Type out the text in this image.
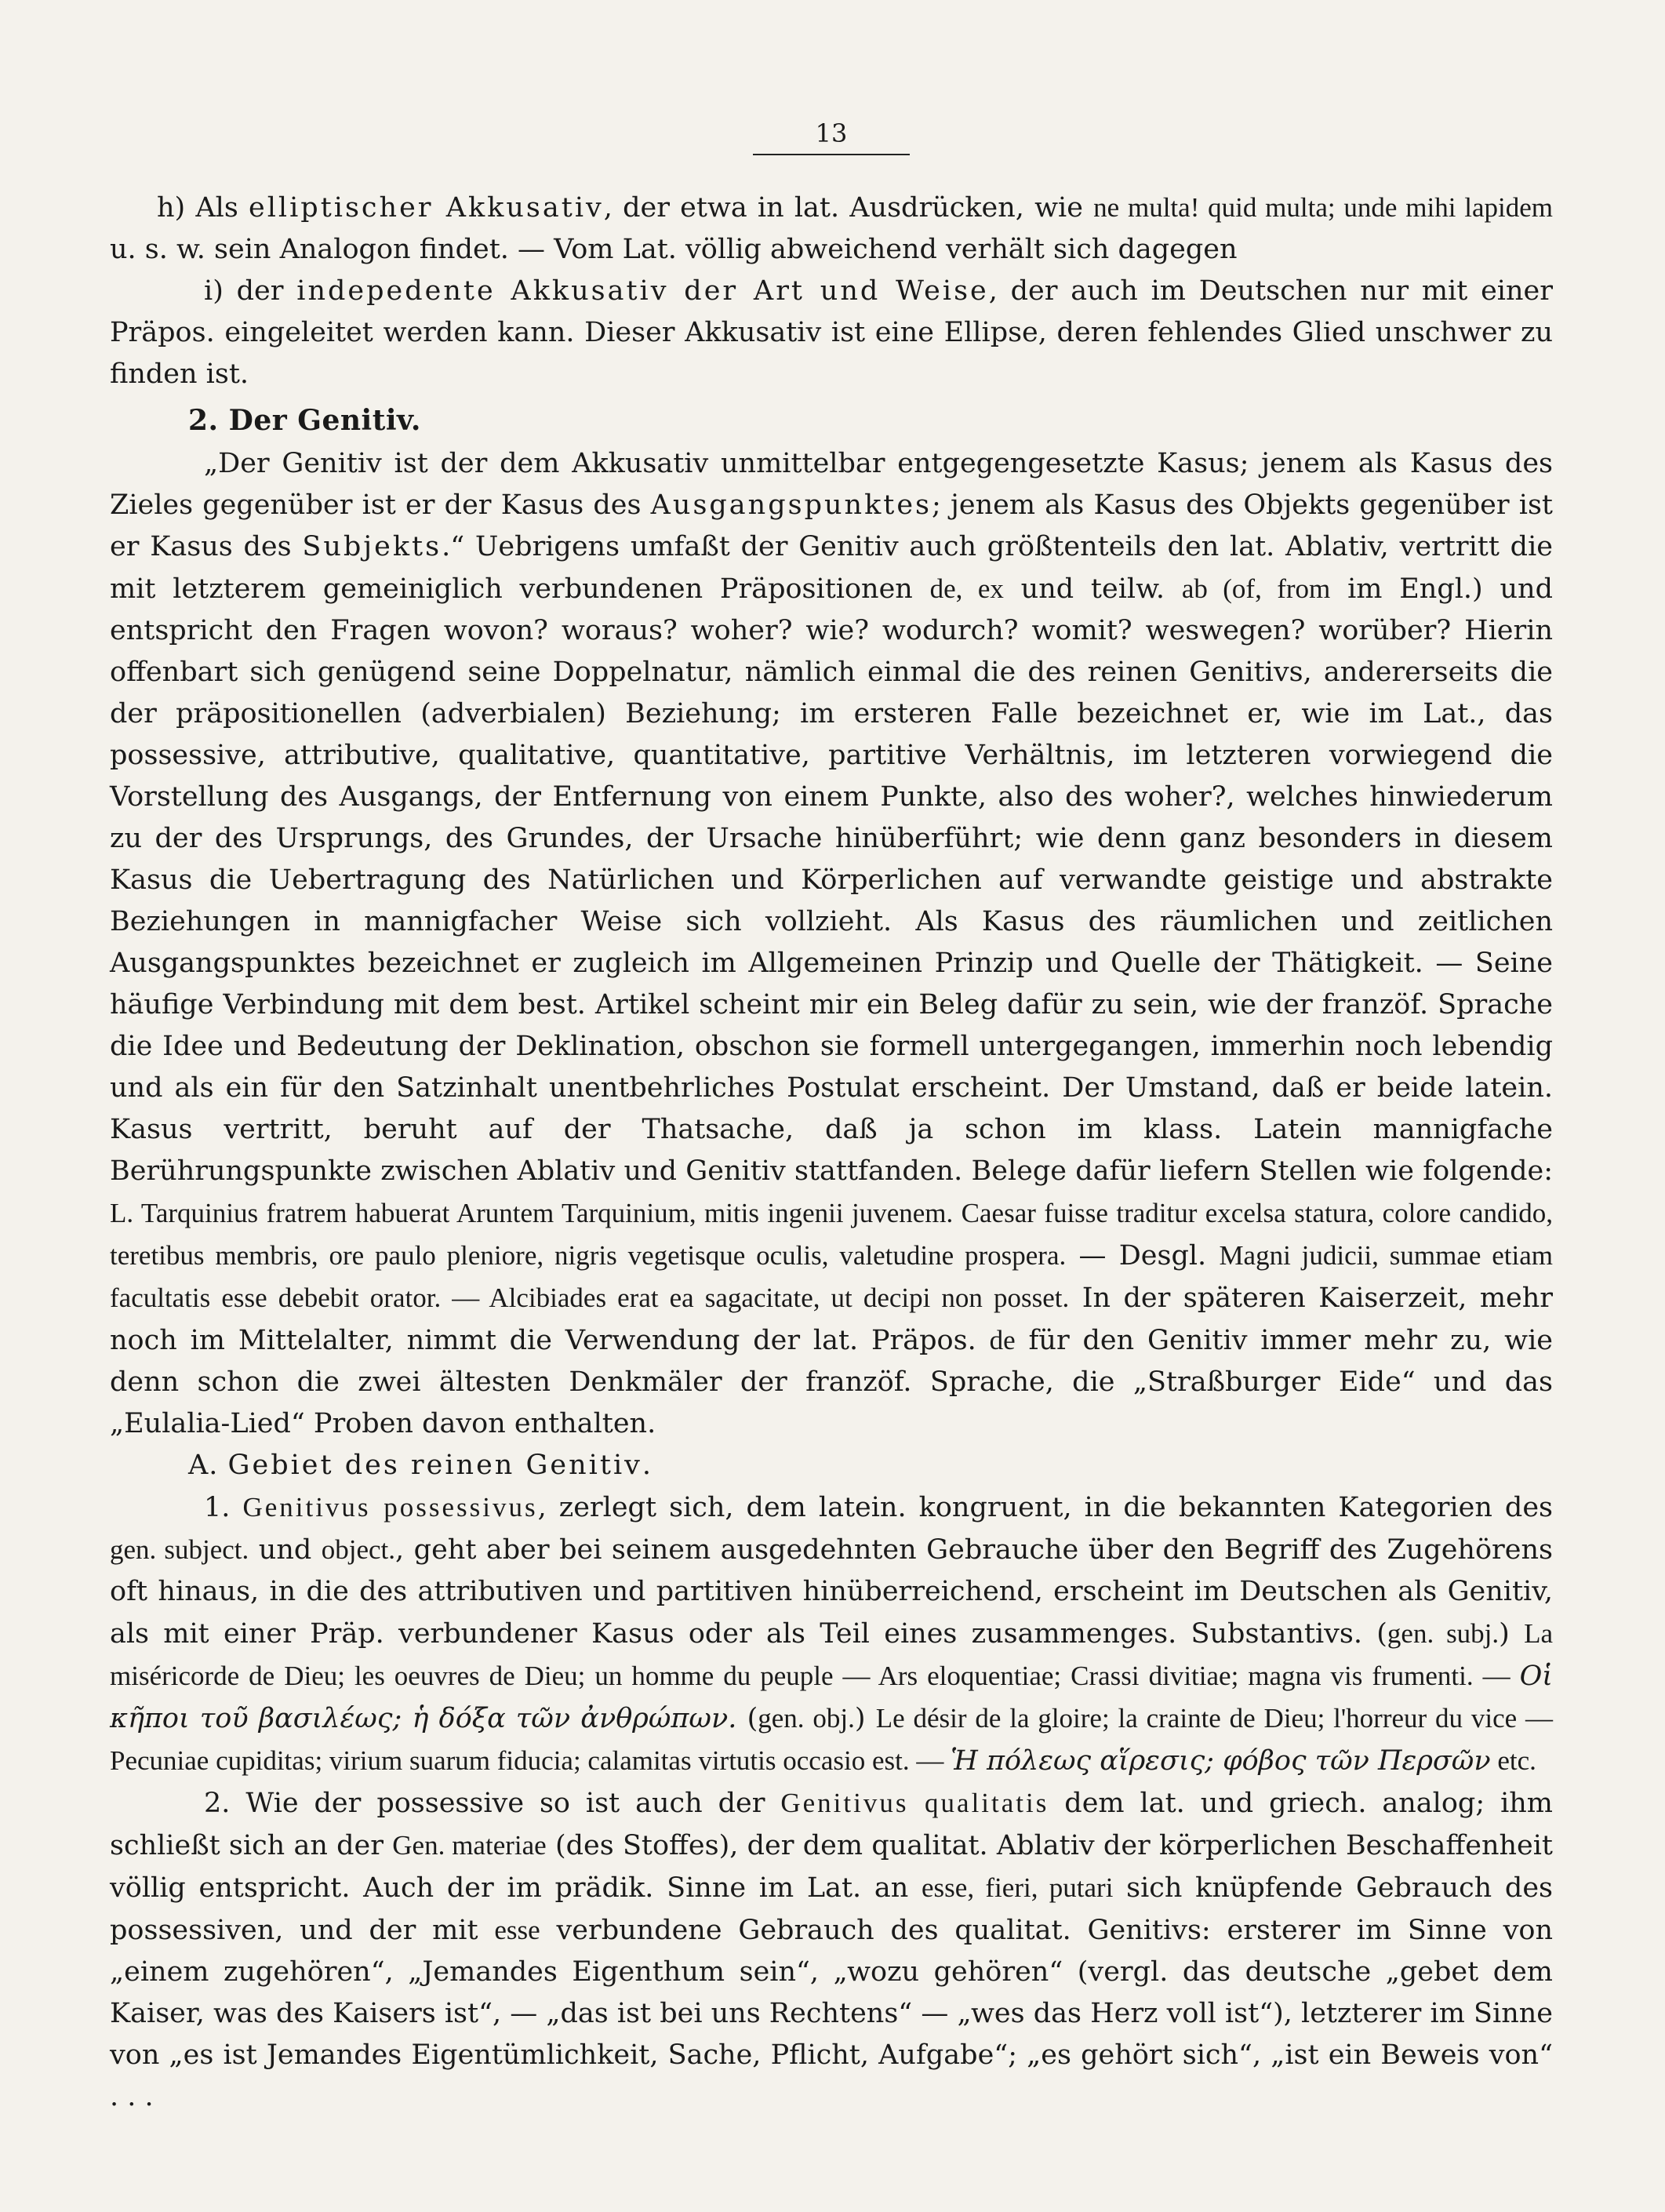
13

h) Als elliptischer Akkusativ, der etwa in lat. Ausdrücken, wie ne multa! quid multa; unde mihi lapidem u. s. w. sein Analogon findet. — Vom Lat. völlig abweichend verhält sich dagegen

i) der indepedente Akkusativ der Art und Weise, der auch im Deutschen nur mit einer Präpos. eingeleitet werden kann. Dieser Akkusativ ist eine Ellipse, deren fehlendes Glied unschwer zu finden ist.

2. Der Genitiv.

„Der Genitiv ist der dem Akkusativ unmittelbar entgegengesetzte Kasus; jenem als Kasus des Zieles gegenüber ist er der Kasus des Ausgangspunktes; jenem als Kasus des Objekts gegenüber ist er Kasus des Subjekts.“ Uebrigens umfaßt der Genitiv auch größtenteils den lat. Ablativ, vertritt die mit letzterem gemeiniglich verbundenen Präpositionen de, ex und teilw. ab (of, from im Engl.) und entspricht den Fragen wovon? woraus? woher? wie? wodurch? womit? weswegen? worüber? Hierin offenbart sich genügend seine Doppelnatur, nämlich einmal die des reinen Genitivs, andererseits die der präpositionellen (adverbialen) Beziehung; im ersteren Falle bezeichnet er, wie im Lat., das possessive, attributive, qualitative, quantitative, partitive Verhältnis, im letzteren vorwiegend die Vorstellung des Ausgangs, der Entfernung von einem Punkte, also des woher?, welches hinwiederum zu der des Ursprungs, des Grundes, der Ursache hinüberführt; wie denn ganz besonders in diesem Kasus die Uebertragung des Natürlichen und Körperlichen auf verwandte geistige und abstrakte Beziehungen in mannigfacher Weise sich vollzieht. Als Kasus des räumlichen und zeitlichen Ausgangspunktes bezeichnet er zugleich im Allgemeinen Prinzip und Quelle der Thätigkeit. — Seine häufige Verbindung mit dem best. Artikel scheint mir ein Beleg dafür zu sein, wie der franzöf. Sprache die Idee und Bedeutung der Deklination, obschon sie formell untergegangen, immerhin noch lebendig und als ein für den Satzinhalt unentbehrliches Postulat erscheint. Der Umstand, daß er beide latein. Kasus vertritt, beruht auf der Thatsache, daß ja schon im klass. Latein mannigfache Berührungspunkte zwischen Ablativ und Genitiv stattfanden. Belege dafür liefern Stellen wie folgende: L. Tarquinius fratrem habuerat Aruntem Tarquinium, mitis ingenii juvenem. Caesar fuisse traditur excelsa statura, colore candido, teretibus membris, ore paulo pleniore, nigris vegetisque oculis, valetudine prospera. — Desgl. Magni judicii, summae etiam facultatis esse debebit orator. — Alcibiades erat ea sagacitate, ut decipi non posset. In der späteren Kaiserzeit, mehr noch im Mittelalter, nimmt die Verwendung der lat. Präpos. de für den Genitiv immer mehr zu, wie denn schon die zwei ältesten Denkmäler der franzöf. Sprache, die „Straßburger Eide“ und das „Eulalia-Lied“ Proben davon enthalten.

A. Gebiet des reinen Genitiv.

1. Genitivus possessivus, zerlegt sich, dem latein. kongruent, in die bekannten Kategorien des gen. subject. und object., geht aber bei seinem ausgedehnten Gebrauche über den Begriff des Zugehörens oft hinaus, in die des attributiven und partitiven hinüberreichend, erscheint im Deutschen als Genitiv, als mit einer Präp. verbundener Kasus oder als Teil eines zusammenges. Substantivs. (gen. subj.) La miséricorde de Dieu; les oeuvres de Dieu; un homme du peuple — Ars eloquentiae; Crassi divitiae; magna vis frumenti. — Οἱ κῆποι τοῦ βασιλέως; ἡ δόξα τῶν ἀνθρώπων. (gen. obj.) Le désir de la gloire; la crainte de Dieu; l'horreur du vice — Pecuniae cupiditas; virium suarum fiducia; calamitas virtutis occasio est. — Ἡ πόλεως αἵρεσις; φόβος τῶν Περσῶν etc.

2. Wie der possessive so ist auch der Genitivus qualitatis dem lat. und griech. analog; ihm schließt sich an der Gen. materiae (des Stoffes), der dem qualitat. Ablativ der körperlichen Beschaffenheit völlig entspricht. Auch der im prädik. Sinne im Lat. an esse, fieri, putari sich knüpfende Gebrauch des possessiven, und der mit esse verbundene Gebrauch des qualitat. Genitivs: ersterer im Sinne von „einem zugehören“, „Jemandes Eigenthum sein“, „wozu gehören“ (vergl. das deutsche „gebet dem Kaiser, was des Kaisers ist“, — „das ist bei uns Rechtens“ — „wes das Herz voll ist“), letzterer im Sinne von „es ist Jemandes Eigentümlichkeit, Sache, Pflicht, Aufgabe“; „es gehört sich“, „ist ein Beweis von“ . . .
